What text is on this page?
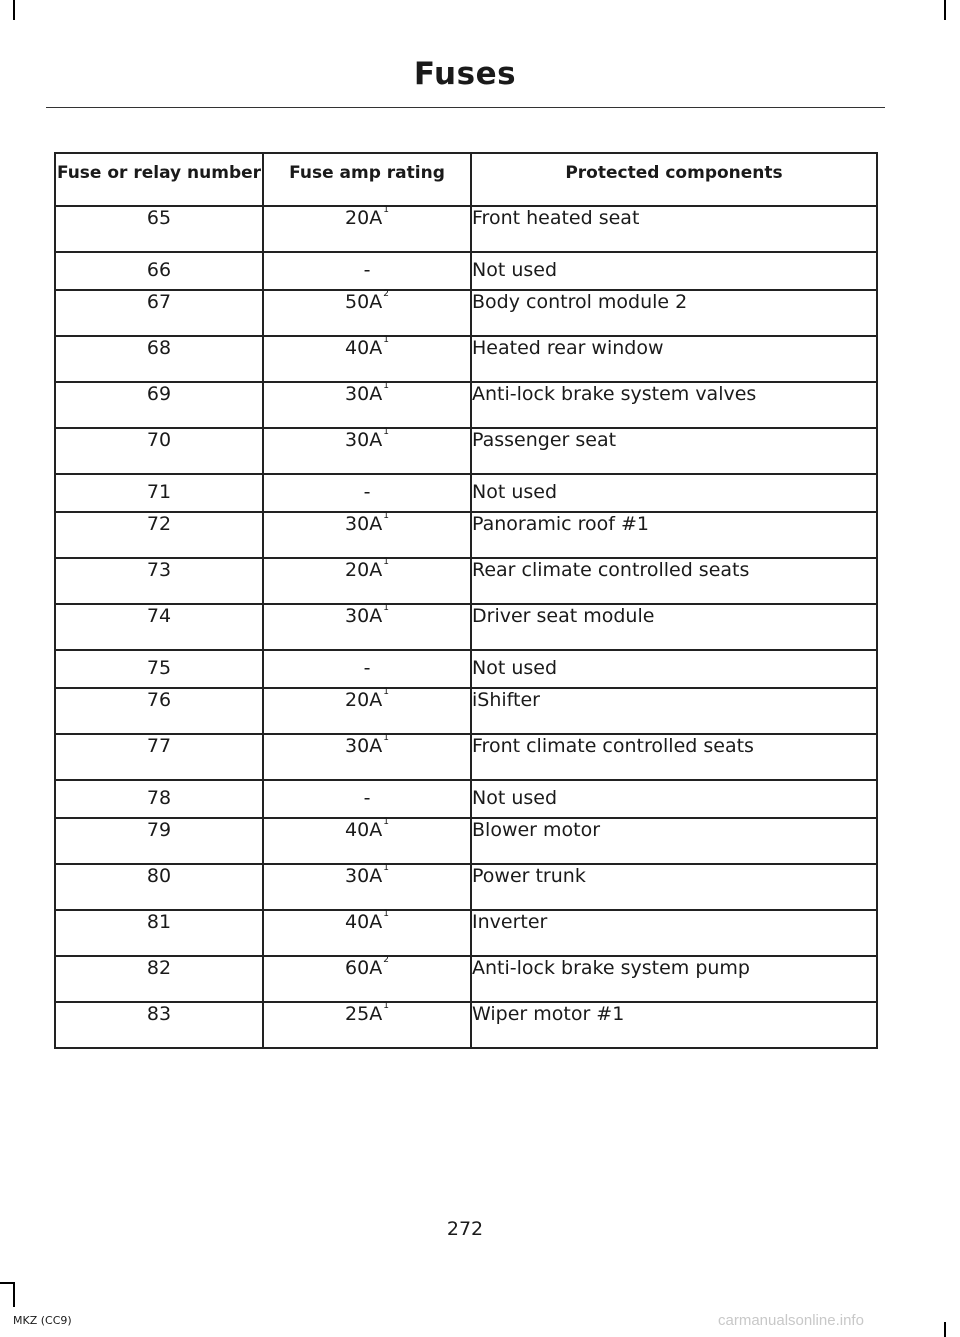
Fuses
Fuse or relay number	Fuse amp rating	Protected components
65	$20A^1$	Front heated seat
66	-	Not used
67	$50A^2$	Body control module 2
68	$40A^1$	Heated rear window
69	$30A^1$	Anti-lock brake system valves
70	$30A^1$	Passenger seat
71	-	Not used
72	$30A^1$	Panoramic roof #1
73	$20A^1$	Rear climate controlled seats
74	$30A^1$	Driver seat module
75	-	Not used
76	$20A^1$	iShifter
77	$30A^1$	Front climate controlled seats
78	-	Not used
79	$40A^1$	Blower motor
80	$30A^1$	Power trunk
81	$40A^1$	Inverter
82	$60A^2$	Anti-lock brake system pump
83	$25A^1$	Wiper motor #1
272
MKZ (CC9)	carmanualsonline.info
